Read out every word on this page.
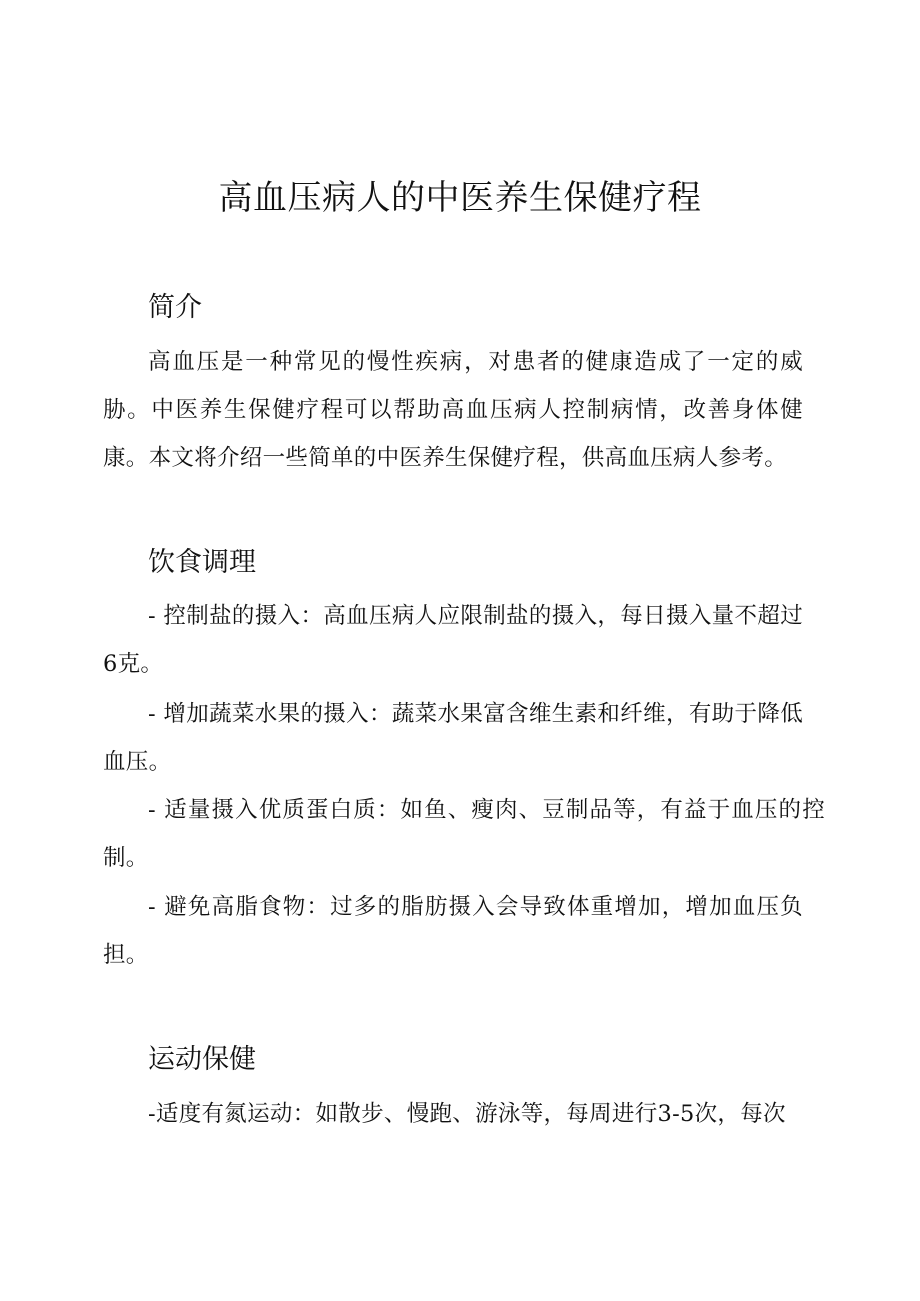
高血压病人的中医养生保健疗程
简介

高血压是一种常见的慢性疾病，对患者的健康造成了一定的威胁。中医养生保健疗程可以帮助高血压病人控制病情，改善身体健康。本文将介绍一些简单的中医养生保健疗程，供高血压病人参考。

饮食调理

- 控制盐的摄入：高血压病人应限制盐的摄入，每日摄入量不超过6克。

- 增加蔬菜水果的摄入：蔬菜水果富含维生素和纤维，有助于降低血压。

- 适量摄入优质蛋白质：如鱼、瘦肉、豆制品等，有益于血压的控制。

- 避免高脂食物：过多的脂肪摄入会导致体重增加，增加血压负担。

运动保健

-适度有氮运动：如散步、慢跑、游泳等，每周进行3-5次，每次
